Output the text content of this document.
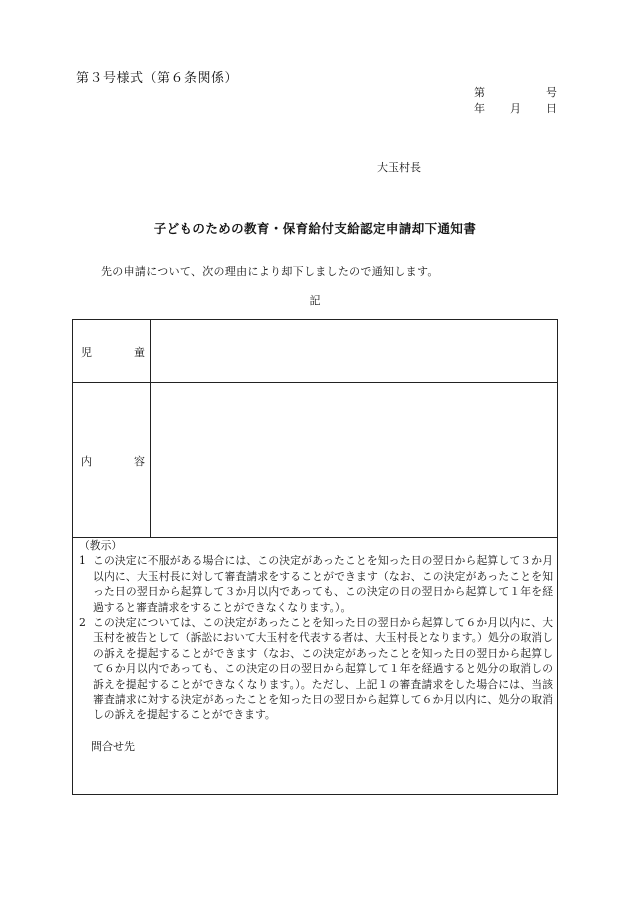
第３号様式（第６条関係）
第	号
年 月 日
大玉村長
子どものための教育・保育給付支給認定申請却下通知書
先の申請について、次の理由により却下しましたので通知します。
記
児	童
内	容
（教示）
1 この決定に不服がある場合には、この決定があったことを知った日の翌日から起算して３か月以内に、大玉村長に対して審査請求をすることができます（なお、この決定があったことを知った日の翌日から起算して３か月以内であっても、この決定の日の翌日から起算して１年を経過すると審査請求をすることができなくなります。）。
2 この決定については、この決定があったことを知った日の翌日から起算して６か月以内に、大玉村を被告として（訴訟において大玉村を代表する者は、大玉村長となります。）処分の取消しの訴えを提起することができます（なお、この決定があったことを知った日の翌日から起算して６か月以内であっても、この決定の日の翌日から起算して１年を経過すると処分の取消しの訴えを提起することができなくなります。）。ただし、上記１の審査請求をした場合には、当該審査請求に対する決定があったことを知った日の翌日から起算して６か月以内に、処分の取消しの訴えを提起することができます。
問合せ先
